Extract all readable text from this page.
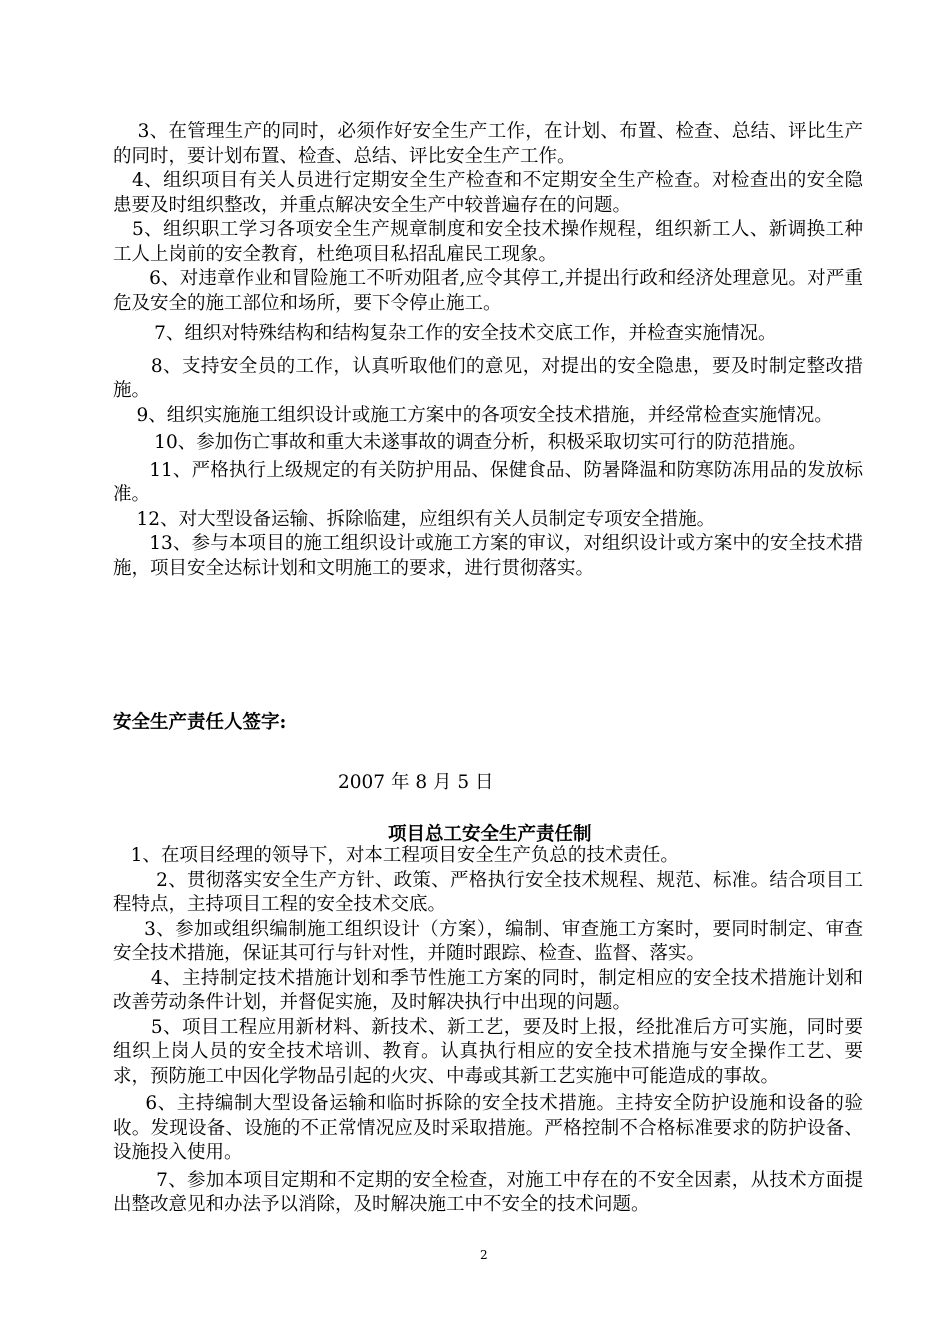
3、在管理生产的同时，必须作好安全生产工作，在计划、布置、检查、总结、评比生产的同时，要计划布置、检查、总结、评比安全生产工作。

4、组织项目有关人员进行定期安全生产检查和不定期安全生产检查。对检查出的安全隐患要及时组织整改，并重点解决安全生产中较普遍存在的问题。

5、组织职工学习各项安全生产规章制度和安全技术操作规程，组织新工人、新调换工种工人上岗前的安全教育，杜绝项目私招乱雇民工现象。

6、对违章作业和冒险施工不听劝阻者,应令其停工,并提出行政和经济处理意见。对严重危及安全的施工部位和场所，要下令停止施工。

7、组织对特殊结构和结构复杂工作的安全技术交底工作，并检查实施情况。

8、支持安全员的工作，认真听取他们的意见，对提出的安全隐患，要及时制定整改措施。

9、组织实施施工组织设计或施工方案中的各项安全技术措施，并经常检查实施情况。

10、参加伤亡事故和重大未遂事故的调查分析，积极采取切实可行的防范措施。

11、严格执行上级规定的有关防护用品、保健食品、防暑降温和防寒防冻用品的发放标准。

12、对大型设备运输、拆除临建，应组织有关人员制定专项安全措施。

13、参与本项目的施工组织设计或施工方案的审议，对组织设计或方案中的安全技术措施，项目安全达标计划和文明施工的要求，进行贯彻落实。

安全生产责任人签字:
2007 年 8 月 5 日
项目总工安全生产责任制

1、在项目经理的领导下，对本工程项目安全生产负总的技术责任。

2、贯彻落实安全生产方针、政策、严格执行安全技术规程、规范、标准。结合项目工程特点，主持项目工程的安全技术交底。

3、参加或组织编制施工组织设计（方案），编制、审查施工方案时，要同时制定、审查安全技术措施，保证其可行与针对性，并随时跟踪、检查、监督、落实。

4、主持制定技术措施计划和季节性施工方案的同时，制定相应的安全技术措施计划和改善劳动条件计划，并督促实施，及时解决执行中出现的问题。

5、项目工程应用新材料、新技术、新工艺，要及时上报，经批准后方可实施，同时要组织上岗人员的安全技术培训、教育。认真执行相应的安全技术措施与安全操作工艺、要求，预防施工中因化学物品引起的火灾、中毒或其新工艺实施中可能造成的事故。

6、主持编制大型设备运输和临时拆除的安全技术措施。主持安全防护设施和设备的验收。发现设备、设施的不正常情况应及时采取措施。严格控制不合格标准要求的防护设备、设施投入使用。

7、参加本项目定期和不定期的安全检查，对施工中存在的不安全因素，从技术方面提出整改意见和办法予以消除，及时解决施工中不安全的技术问题。

2
